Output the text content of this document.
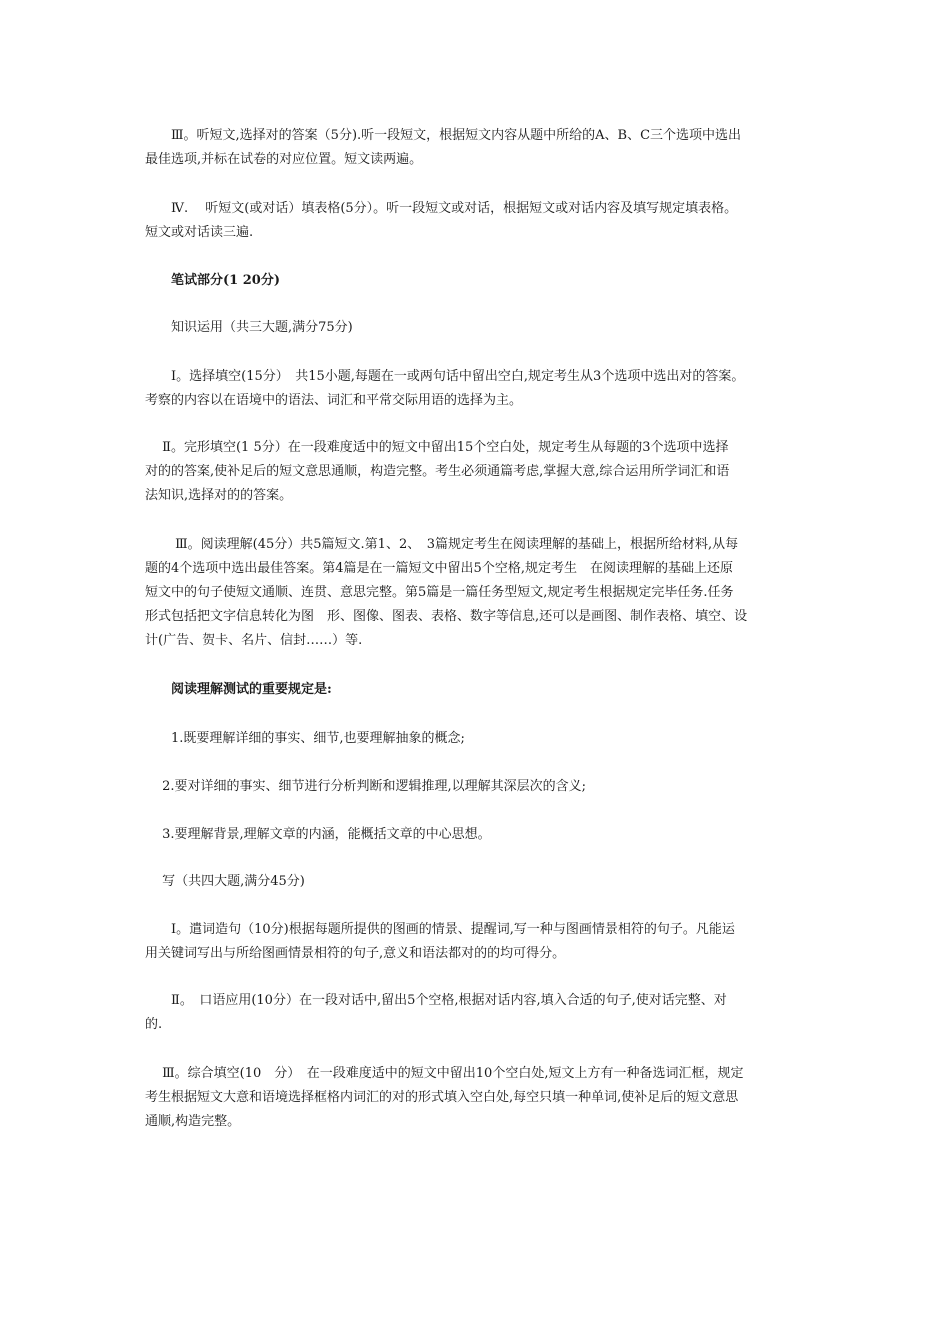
　　Ⅲ。听短文,选择对的答案（5分).听一段短文，根据短文内容从题中所给的A、B、C三个选项中选出
最佳选项,并标在试卷的对应位置。短文读两遍。
　　Ⅳ.　 听短文(或对话）填表格(5分）。听一段短文或对话，根据短文或对话内容及填写规定填表格。
短文或对话读三遍.
　　笔试部分(1 20分)
　　知识运用（共三大题,满分75分)
　　Ⅰ。选择填空(15分）　共15小题,每题在一或两句话中留出空白,规定考生从3个选项中选出对的答案。
考察的内容以在语境中的语法、词汇和平常交际用语的选择为主。
　 Ⅱ。完形填空(1 5分）在一段难度适中的短文中留出15个空白处，规定考生从每题的3个选项中选择
对的的答案,使补足后的短文意思通顺，构造完整。考生必须通篇考虑,掌握大意,综合运用所学词汇和语
法知识,选择对的的答案。
　　 Ⅲ。阅读理解(45分）共5篇短文.第1、2、　3篇规定考生在阅读理解的基础上，根据所给材料,从每
题的4个选项中选出最佳答案。第4篇是在一篇短文中留出5个空格,规定考生　在阅读理解的基础上还原
短文中的句子使短文通顺、连贯、意思完整。第5篇是一篇任务型短文,规定考生根据规定完毕任务.任务
形式包括把文字信息转化为图　形、图像、图表、表格、数字等信息,还可以是画图、制作表格、填空、设
计(广告、贺卡、名片、信封……）等.
　　阅读理解测试的重要规定是:
　　1.既要理解详细的事实、细节,也要理解抽象的概念;
　 2.要对详细的事实、细节进行分析判断和逻辑推理,以理解其深层次的含义;
　 3.要理解背景,理解文章的内涵，能概括文章的中心思想。
　 写（共四大题,满分45分)
　　Ⅰ。遣词造句（10分)根据每题所提供的图画的情景、提醒词,写一种与图画情景相符的句子。凡能运
用关键词写出与所给图画情景相符的句子,意义和语法都对的的均可得分。
　　Ⅱ。　口语应用(10分）在一段对话中,留出5个空格,根据对话内容,填入合适的句子,使对话完整、对
的.
　 Ⅲ。综合填空(10　分）　在一段难度适中的短文中留出10个空白处,短文上方有一种备选词汇框，规定
考生根据短文大意和语境选择框格内词汇的对的形式填入空白处,每空只填一种单词,使补足后的短文意思
通顺,构造完整。
